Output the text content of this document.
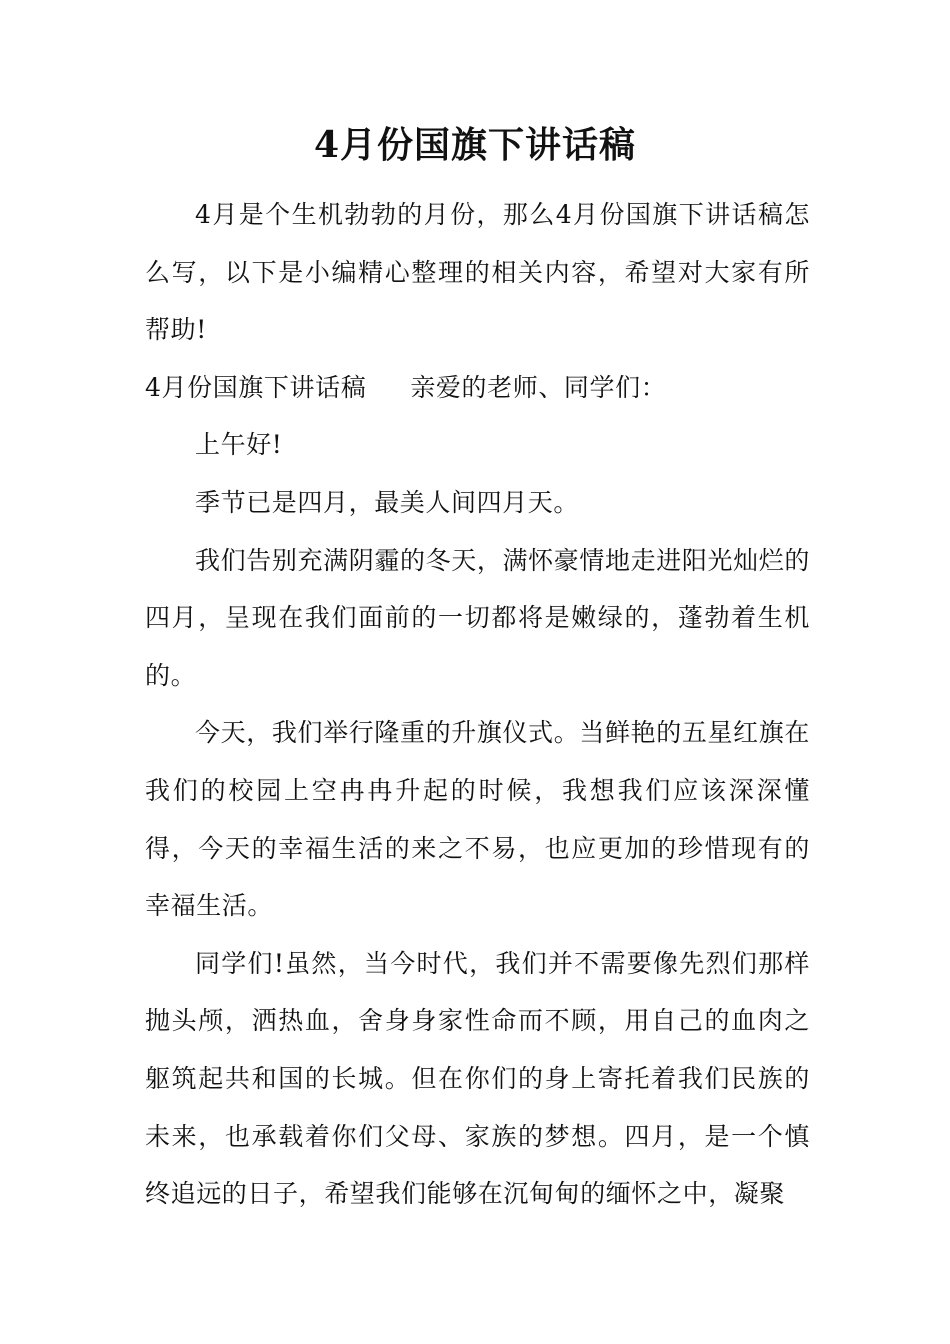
4月份国旗下讲话稿

4月是个生机勃勃的月份，那么4月份国旗下讲话稿怎么写，以下是小编精心整理的相关内容，希望对大家有所帮助!

4月份国旗下讲话稿 亲爱的老师、同学们：

上午好!

季节已是四月，最美人间四月天。

我们告别充满阴霾的冬天，满怀豪情地走进阳光灿烂的四月，呈现在我们面前的一切都将是嫩绿的，蓬勃着生机的。

今天，我们举行隆重的升旗仪式。当鲜艳的五星红旗在我们的校园上空冉冉升起的时候，我想我们应该深深懂得，今天的幸福生活的来之不易，也应更加的珍惜现有的幸福生活。

同学们!虽然，当今时代，我们并不需要像先烈们那样抛头颅，洒热血，舍身身家性命而不顾，用自己的血肉之躯筑起共和国的长城。但在你们的身上寄托着我们民族的未来，也承载着你们父母、家族的梦想。四月，是一个慎终追远的日子，希望我们能够在沉甸甸的缅怀之中，凝聚
